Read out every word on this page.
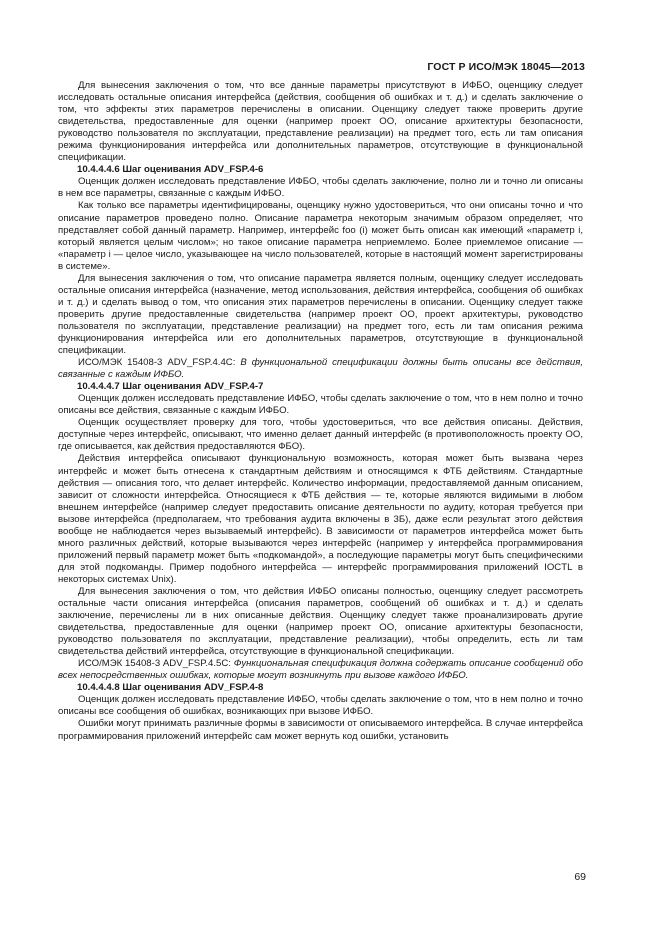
ГОСТ Р ИСО/МЭК 18045—2013

Для вынесения заключения о том, что все данные параметры присутствуют в ИФБО, оценщику следует исследовать остальные описания интерфейса (действия, сообщения об ошибках и т. д.) и сделать заключение о том, что эффекты этих параметров перечислены в описании. Оценщику следует также проверить другие свидетельства, предоставленные для оценки (например проект ОО, описание архитектуры безопасности, руководство пользователя по эксплуатации, представление реализации) на предмет того, есть ли там описания режима функционирования интерфейса или дополнительных параметров, отсутствующие в функциональной спецификации.

10.4.4.4.6 Шаг оценивания ADV_FSP.4-6

Оценщик должен исследовать представление ИФБО, чтобы сделать заключение, полно ли и точно ли описаны в нем все параметры, связанные с каждым ИФБО.

Как только все параметры идентифицированы, оценщику нужно удостовериться, что они описаны точно и что описание параметров проведено полно. Описание параметра некоторым значимым образом определяет, что представляет собой данный параметр. Например, интерфейс foo (i) может быть описан как имеющий «параметр i, который является целым числом»; но такое описание параметра неприемлемо. Более приемлемое описание — «параметр i — целое число, указывающее на число пользователей, которые в настоящий момент зарегистрированы в системе».

Для вынесения заключения о том, что описание параметра является полным, оценщику следует исследовать остальные описания интерфейса (назначение, метод использования, действия интерфейса, сообщения об ошибках и т. д.) и сделать вывод о том, что описания этих параметров перечислены в описании. Оценщику следует также проверить другие предоставленные свидетельства (например проект ОО, проект архитектуры, руководство пользователя по эксплуатации, представление реализации) на предмет того, есть ли там описания режима функционирования интерфейса или его дополнительных параметров, отсутствующие в функциональной спецификации.

ИСО/МЭК 15408-3 ADV_FSP.4.4C: В функциональной спецификации должны быть описаны все действия, связанные с каждым ИФБО.

10.4.4.4.7 Шаг оценивания ADV_FSP.4-7

Оценщик должен исследовать представление ИФБО, чтобы сделать заключение о том, что в нем полно и точно описаны все действия, связанные с каждым ИФБО.

Оценщик осуществляет проверку для того, чтобы удостовериться, что все действия описаны. Действия, доступные через интерфейс, описывают, что именно делает данный интерфейс (в противоположность проекту ОО, где описывается, как действия предоставляются ФБО).

Действия интерфейса описывают функциональную возможность, которая может быть вызвана через интерфейс и может быть отнесена к стандартным действиям и относящимся к ФТБ действиям. Стандартные действия — описания того, что делает интерфейс. Количество информации, предоставляемой данным описанием, зависит от сложности интерфейса. Относящиеся к ФТБ действия — те, которые являются видимыми в любом внешнем интерфейсе (например следует предоставить описание деятельности по аудиту, которая требуется при вызове интерфейса (предполагаем, что требования аудита включены в 3Б), даже если результат этого действия вообще не наблюдается через вызываемый интерфейс). В зависимости от параметров интерфейса может быть много различных действий, которые вызываются через интерфейс (например у интерфейса программирования приложений первый параметр может быть «подкомандой», а последующие параметры могут быть специфическими для этой подкоманды. Пример подобного интерфейса — интерфейс программирования приложений IOCTL в некоторых системах Unix).

Для вынесения заключения о том, что действия ИФБО описаны полностью, оценщику следует рассмотреть остальные части описания интерфейса (описания параметров, сообщений об ошибках и т. д.) и сделать заключение, перечислены ли в них описанные действия. Оценщику следует также проанализировать другие свидетельства, предоставленные для оценки (например проект ОО, описание архитектуры безопасности, руководство пользователя по эксплуатации, представление реализации), чтобы определить, есть ли там свидетельства действий интерфейса, отсутствующие в функциональной спецификации.

ИСО/МЭК 15408-3 ADV_FSP.4.5C: Функциональная спецификация должна содержать описание сообщений обо всех непосредственных ошибках, которые могут возникнуть при вызове каждого ИФБО.

10.4.4.4.8 Шаг оценивания ADV_FSP.4-8

Оценщик должен исследовать представление ИФБО, чтобы сделать заключение о том, что в нем полно и точно описаны все сообщения об ошибках, возникающих при вызове ИФБО.

Ошибки могут принимать различные формы в зависимости от описываемого интерфейса. В случае интерфейса программирования приложений интерфейс сам может вернуть код ошибки, установить

69
